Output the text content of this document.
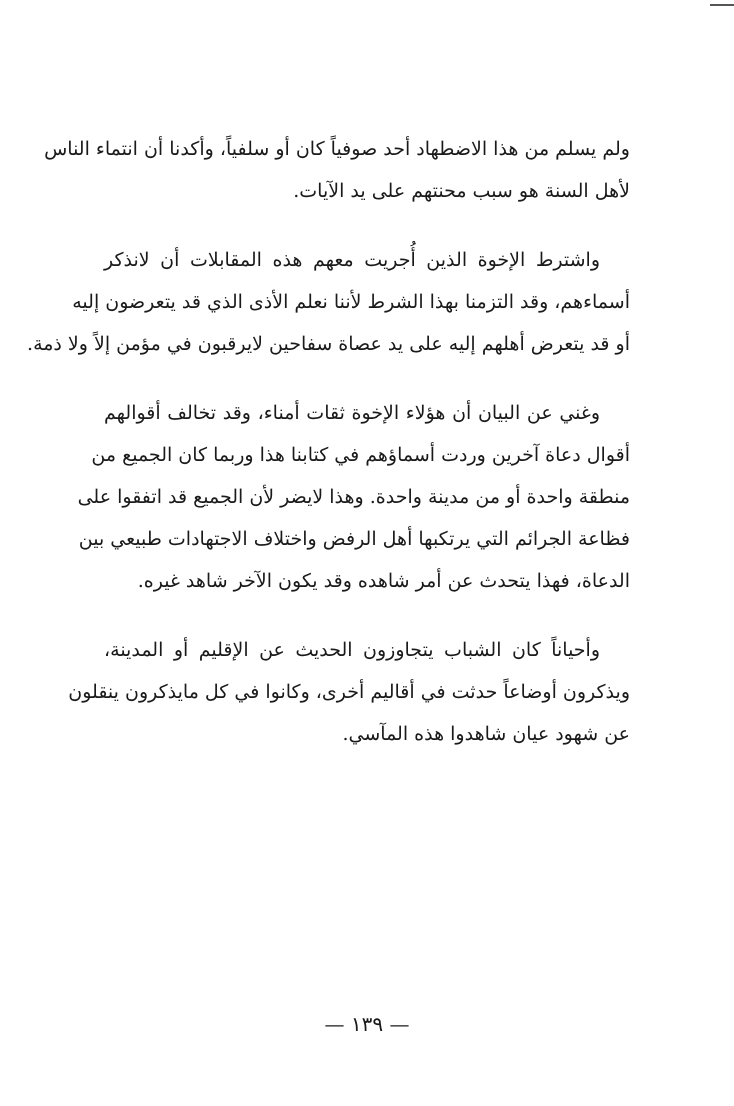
ولم يسلم من هذا الاضطهاد أحد صوفياً كان أو سلفياً، وأكدنا أن انتماء الناس
لأهل السنة هو سبب محنتهم على يد الآيات.
واشترط الإخوة الذين أُجريت معهم هذه المقابلات أن لانذكر
أسماءهم، وقد التزمنا بهذا الشرط لأننا نعلم الأذى الذي قد يتعرضون إليه
أو قد يتعرض أهلهم إليه على يد عصاة سفاحين لايرقبون في مؤمن إلاً ولا ذمة.
وغني عن البيان أن هؤلاء الإخوة ثقات أمناء، وقد تخالف أقوالهم
أقوال دعاة آخرين وردت أسماؤهم في كتابنا هذا وربما كان الجميع من
منطقة واحدة أو من مدينة واحدة. وهذا لايضر لأن الجميع قد اتفقوا على
فظاعة الجرائم التي يرتكبها أهل الرفض واختلاف الاجتهادات طبيعي بين
الدعاة، فهذا يتحدث عن أمر شاهده وقد يكون الآخر شاهد غيره.
وأحياناً كان الشباب يتجاوزون الحديث عن الإقليم أو المدينة،
ويذكرون أوضاعاً حدثت في أقاليم أخرى، وكانوا في كل مايذكرون ينقلون
عن شهود عيان شاهدوا هذه المآسي.
— ١٣٩ —
